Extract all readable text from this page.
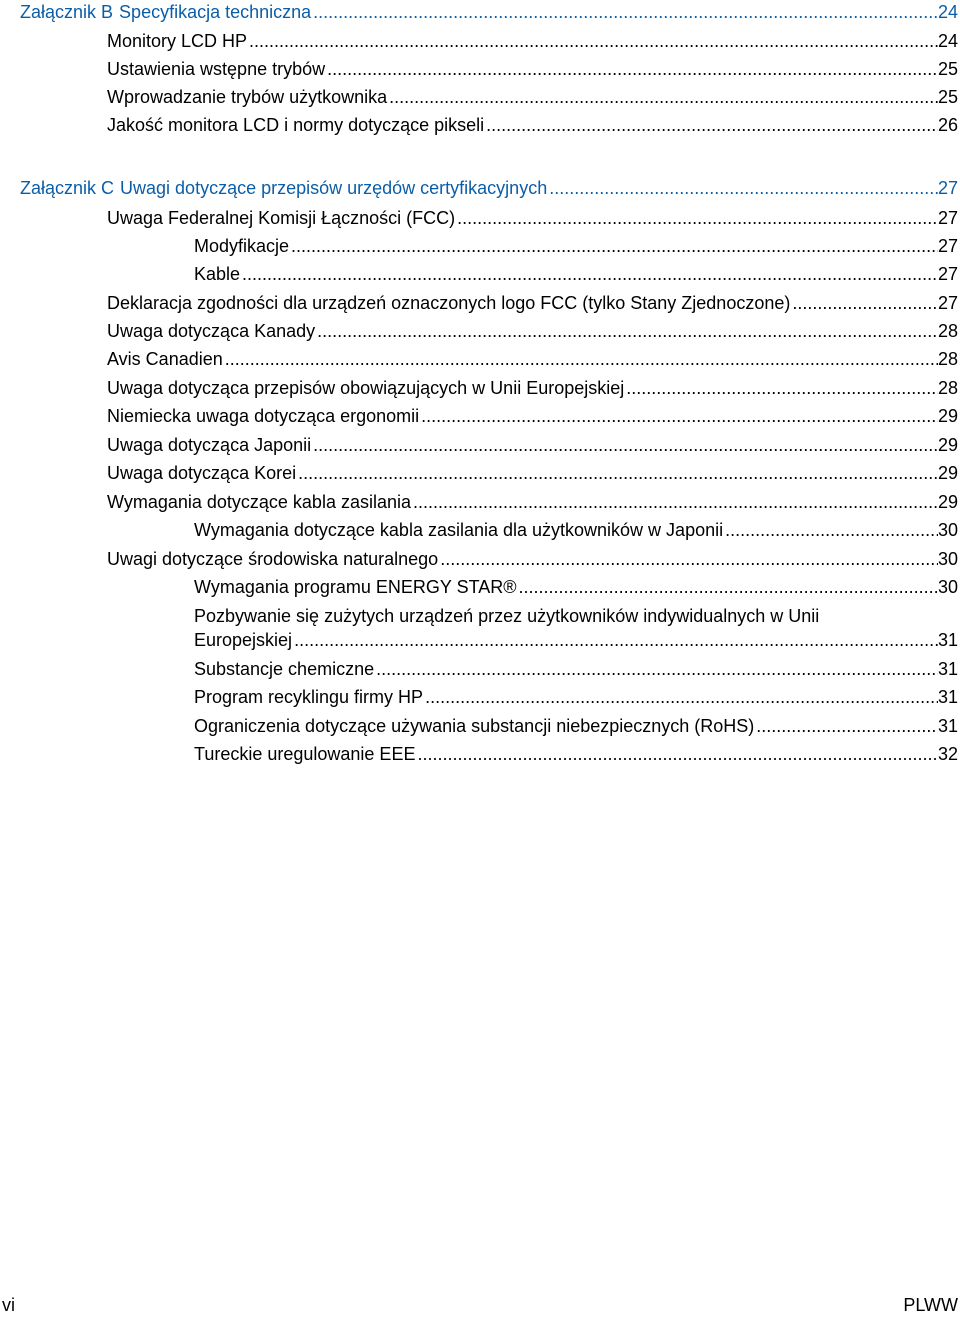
Załącznik B Specyfikacja techniczna .....	24
Monitory LCD HP .....	24
Ustawienia wstępne trybów .....	25
Wprowadzanie trybów użytkownika .....	25
Jakość monitora LCD i normy dotyczące pikseli .....	26
Załącznik C Uwagi dotyczące przepisów urzędów certyfikacyjnych .....	27
Uwaga Federalnej Komisji Łączności (FCC) .....	27
Modyfikacje .....	27
Kable .....	27
Deklaracja zgodności dla urządzeń oznaczonych logo FCC (tylko Stany Zjednoczone) .....	27
Uwaga dotycząca Kanady .....	28
Avis Canadien .....	28
Uwaga dotycząca przepisów obowiązujących w Unii Europejskiej .....	28
Niemiecka uwaga dotycząca ergonomii .....	29
Uwaga dotycząca Japonii .....	29
Uwaga dotycząca Korei .....	29
Wymagania dotyczące kabla zasilania .....	29
Wymagania dotyczące kabla zasilania dla użytkowników w Japonii .....	30
Uwagi dotyczące środowiska naturalnego .....	30
Wymagania programu ENERGY STAR® .....	30
Pozbywanie się zużytych urządzeń przez użytkowników indywidualnych w Unii
Europejskiej .....	31
Substancje chemiczne .....	31
Program recyklingu firmy HP .....	31
Ograniczenia dotyczące używania substancji niebezpiecznych (RoHS) .....	31
Tureckie uregulowanie EEE .....	32
vi	PLWW
